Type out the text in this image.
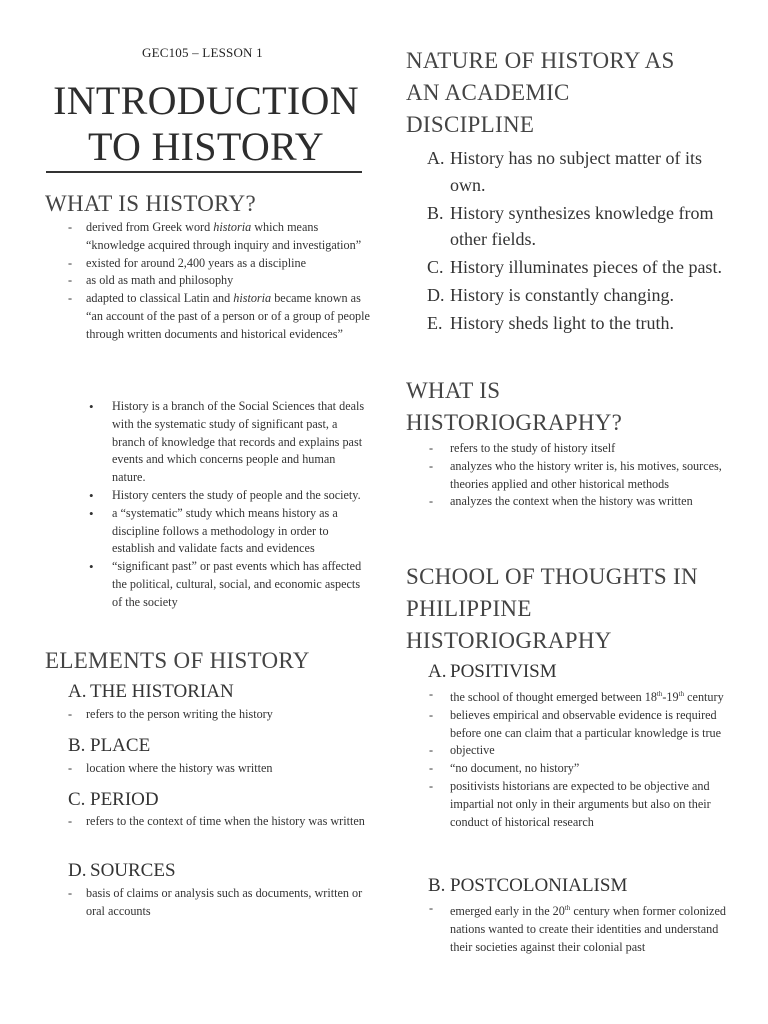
GEC105 – LESSON 1
INTRODUCTION
TO HISTORY
WHAT IS HISTORY?
- derived from Greek word historia which means “knowledge acquired through inquiry and investigation”
- existed for around 2,400 years as a discipline
- as old as math and philosophy
- adapted to classical Latin and historia became known as “an account of the past of a person or of a group of people through written documents and historical evidences”
• History is a branch of the Social Sciences that deals with the systematic study of significant past, a branch of knowledge that records and explains past events and which concerns people and human nature.
• History centers the study of people and the society.
• a “systematic” study which means history as a discipline follows a methodology in order to establish and validate facts and evidences
• “significant past” or past events which has affected the political, cultural, social, and economic aspects of the society
ELEMENTS OF HISTORY
A. THE HISTORIAN
- refers to the person writing the history
B. PLACE
- location where the history was written
C. PERIOD
- refers to the context of time when the history was written
D. SOURCES
- basis of claims or analysis such as documents, written or oral accounts
NATURE OF HISTORY AS
AN ACADEMIC
DISCIPLINE
A. History has no subject matter of its own.
B. History synthesizes knowledge from other fields.
C. History illuminates pieces of the past.
D. History is constantly changing.
E. History sheds light to the truth.
WHAT IS
HISTORIOGRAPHY?
- refers to the study of history itself
- analyzes who the history writer is, his motives, sources, theories applied and other historical methods
- analyzes the context when the history was written
SCHOOL OF THOUGHTS IN
PHILIPPINE
HISTORIOGRAPHY
A. POSITIVISM
- the school of thought emerged between 18th-19th century
- believes empirical and observable evidence is required before one can claim that a particular knowledge is true
- objective
- “no document, no history”
- positivists historians are expected to be objective and impartial not only in their arguments but also on their conduct of historical research
B. POSTCOLONIALISM
- emerged early in the 20th century when former colonized nations wanted to create their identities and understand their societies against their colonial past
